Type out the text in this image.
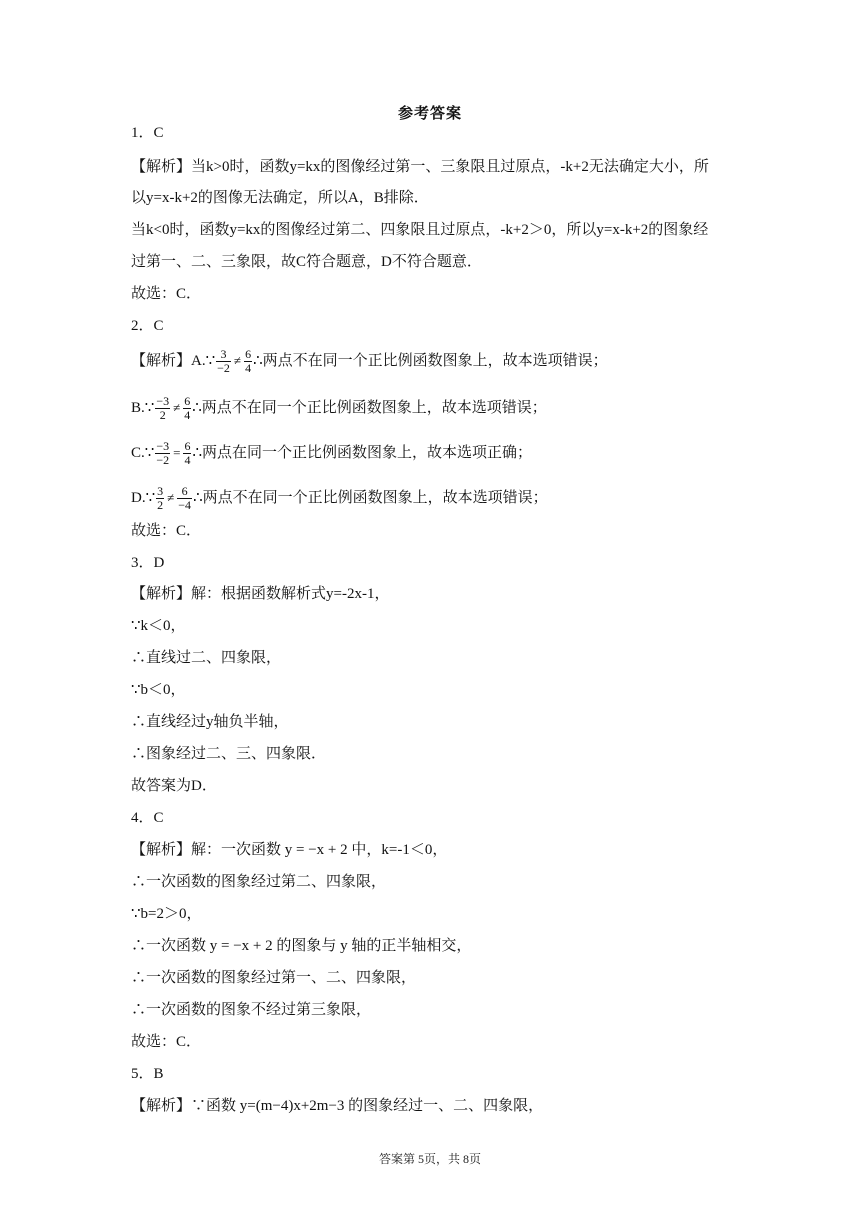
参考答案
1．C
【解析】当k>0时，函数y=kx的图像经过第一、三象限且过原点，-k+2无法确定大小，所
以y=x-k+2的图像无法确定，所以A，B排除．
当k<0时，函数y=kx的图像经过第二、四象限且过原点，-k+2＞0，所以y=x-k+2的图象经
过第一、二、三象限，故C符合题意，D不符合题意．
故选：C．
2．C
【解析】A.∵ $\frac{3}{-2} \ne \frac{6}{4}$ ∴两点不在同一个正比例函数图象上，故本选项错误；
B.∵ $\frac{-3}{2} \ne \frac{6}{4}$ ∴两点不在同一个正比例函数图象上，故本选项错误；
C.∵ $\frac{-3}{-2} = \frac{6}{4}$ ∴两点在同一个正比例函数图象上，故本选项正确；
D.∵ $\frac{3}{2} \ne \frac{6}{-4}$ ∴两点不在同一个正比例函数图象上，故本选项错误；
故选：C．
3．D
【解析】解：根据函数解析式y=-2x-1，
∵k＜0，
∴直线过二、四象限，
∵b＜0，
∴直线经过y轴负半轴，
∴图象经过二、三、四象限．
故答案为D．
4．C
【解析】解：一次函数 y = −x + 2 中，k=-1＜0，
∴一次函数的图象经过第二、四象限，
∵b=2＞0，
∴一次函数 y = −x + 2 的图象与 y 轴的正半轴相交，
∴一次函数的图象经过第一、二、四象限，
∴一次函数的图象不经过第三象限，
故选：C．
5．B
【解析】∵函数 y=(m−4)x+2m−3 的图象经过一、二、四象限，
答案第 5页，共 8页
